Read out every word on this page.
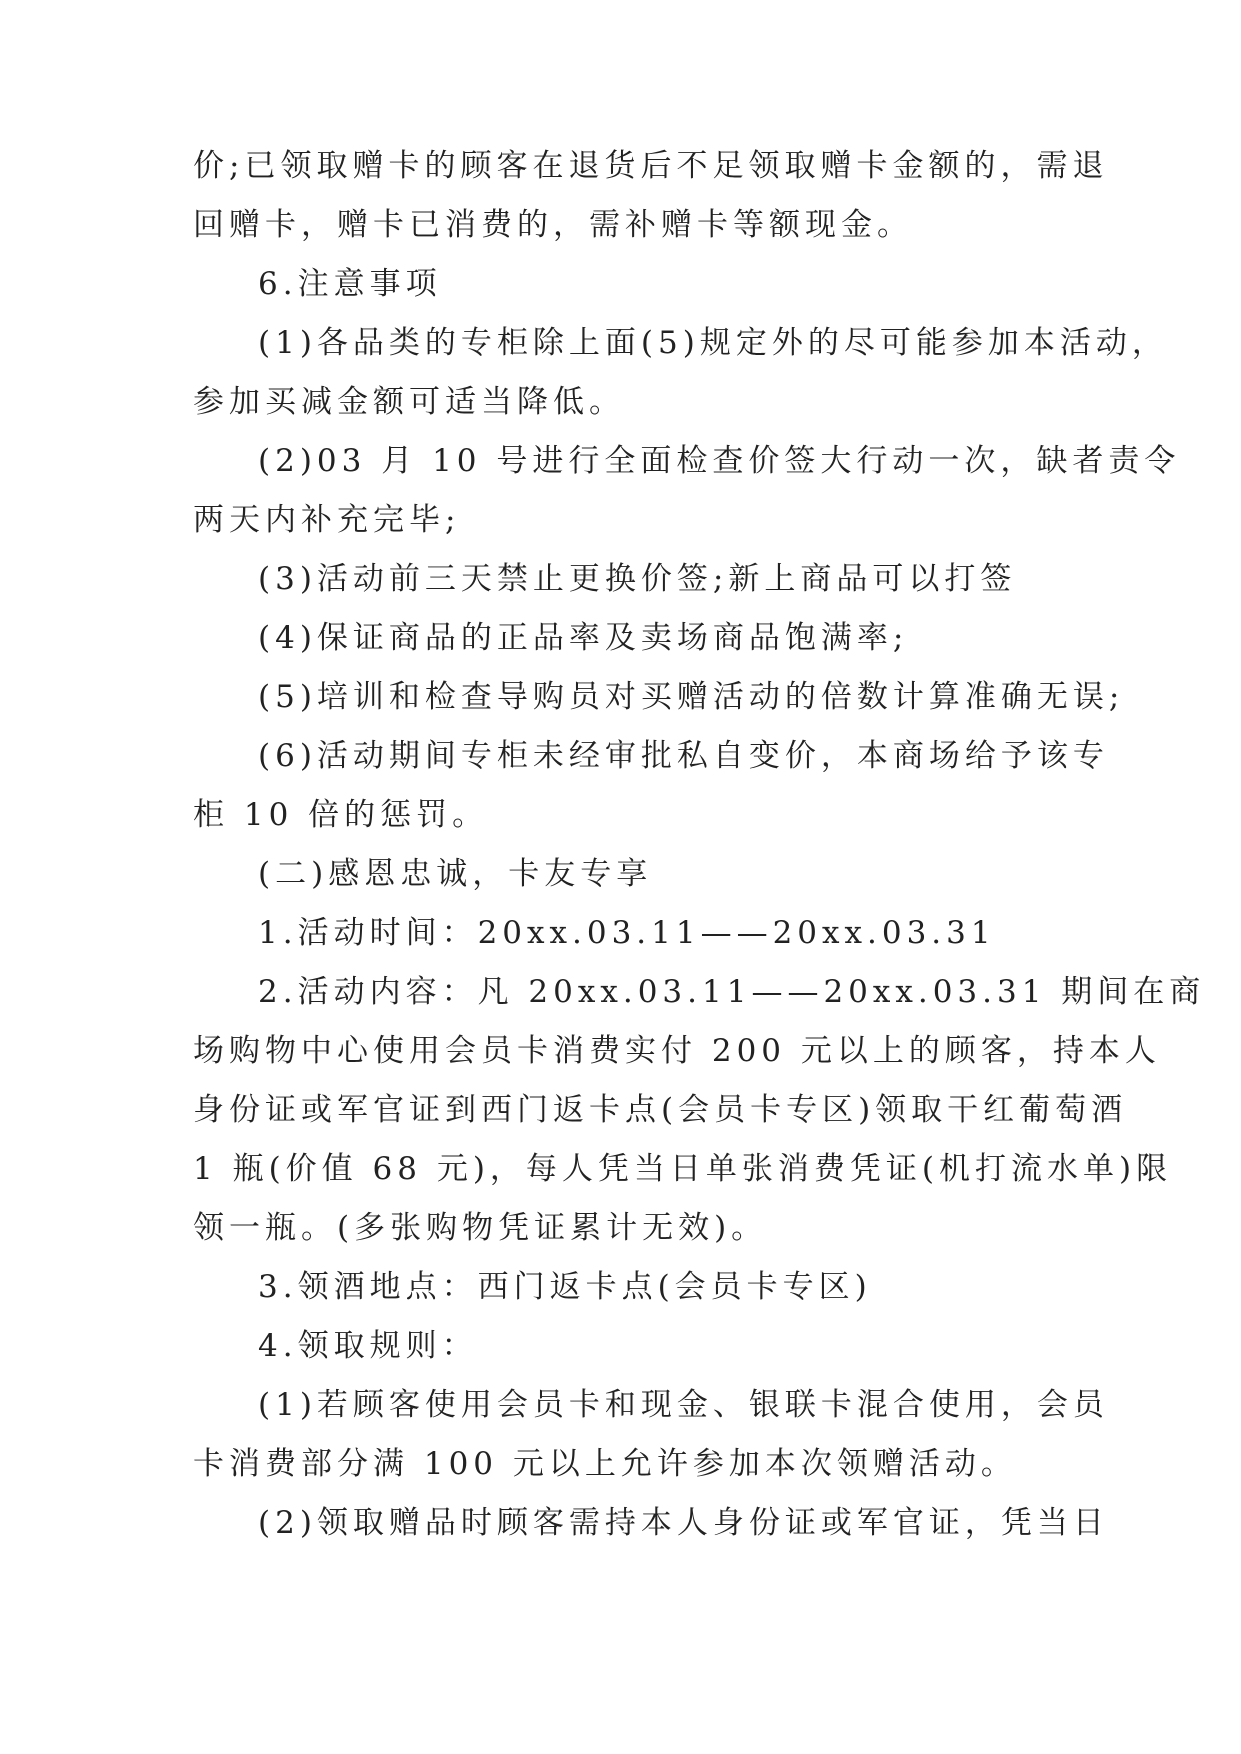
价;已领取赠卡的顾客在退货后不足领取赠卡金额的，需退
回赠卡，赠卡已消费的，需补赠卡等额现金。
6.注意事项
(1)各品类的专柜除上面(5)规定外的尽可能参加本活动，
参加买减金额可适当降低。
(2)03 月 10 号进行全面检查价签大行动一次，缺者责令
两天内补充完毕;
(3)活动前三天禁止更换价签;新上商品可以打签
(4)保证商品的正品率及卖场商品饱满率;
(5)培训和检查导购员对买赠活动的倍数计算准确无误;
(6)活动期间专柜未经审批私自变价，本商场给予该专
柜 10 倍的惩罚。
(二)感恩忠诚，卡友专享
1.活动时间：20xx.03.11——20xx.03.31
2.活动内容：凡 20xx.03.11——20xx.03.31 期间在商
场购物中心使用会员卡消费实付 200 元以上的顾客，持本人
身份证或军官证到西门返卡点(会员卡专区)领取干红葡萄酒
1 瓶(价值 68 元)，每人凭当日单张消费凭证(机打流水单)限
领一瓶。(多张购物凭证累计无效)。
3.领酒地点：西门返卡点(会员卡专区)
4.领取规则：
(1)若顾客使用会员卡和现金、银联卡混合使用，会员
卡消费部分满 100 元以上允许参加本次领赠活动。
(2)领取赠品时顾客需持本人身份证或军官证，凭当日
